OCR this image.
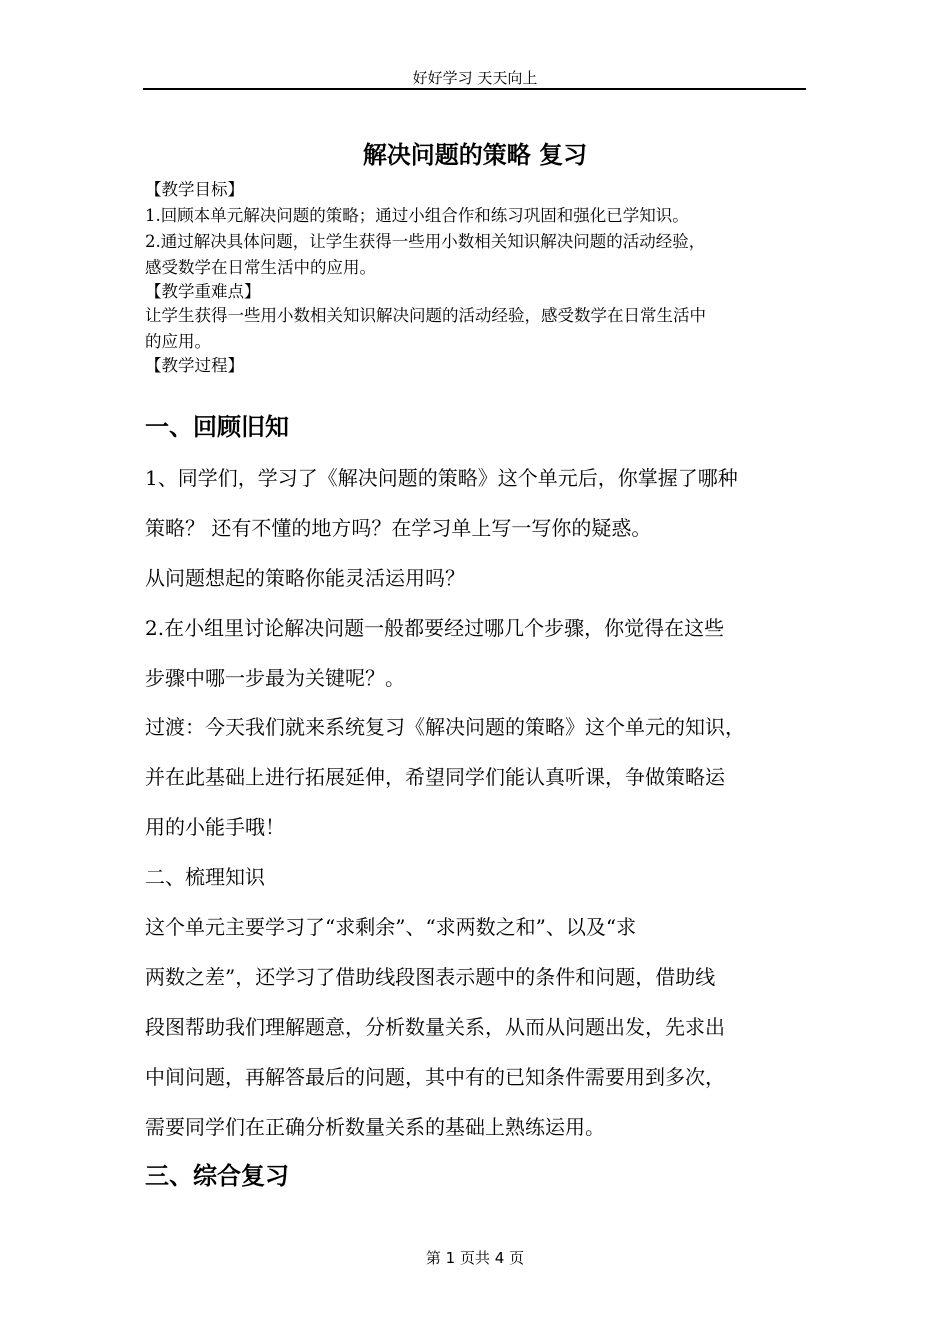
好好学习 天天向上
解决问题的策略 复习
【教学目标】
1.回顾本单元解决问题的策略；通过小组合作和练习巩固和强化已学知识。
2.通过解决具体问题，让学生获得一些用小数相关知识解决问题的活动经验，
感受数学在日常生活中的应用。
【教学重难点】
让学生获得一些用小数相关知识解决问题的活动经验，感受数学在日常生活中
的应用。
【教学过程】
一、回顾旧知
1、同学们，学习了《解决问题的策略》这个单元后，你掌握了哪种
策略？ 还有不懂的地方吗？在学习单上写一写你的疑惑。
从问题想起的策略你能灵活运用吗？
2.在小组里讨论解决问题一般都要经过哪几个步骤，你觉得在这些
步骤中哪一步最为关键呢？。
过渡：今天我们就来系统复习《解决问题的策略》这个单元的知识，
并在此基础上进行拓展延伸，希望同学们能认真听课，争做策略运
用的小能手哦！
二、梳理知识
这个单元主要学习了“求剩余”、“求两数之和”、以及“求
两数之差”，还学习了借助线段图表示题中的条件和问题，借助线
段图帮助我们理解题意，分析数量关系，从而从问题出发，先求出
中间问题，再解答最后的问题，其中有的已知条件需要用到多次，
需要同学们在正确分析数量关系的基础上熟练运用。
三、综合复习
第 1 页共 4 页
